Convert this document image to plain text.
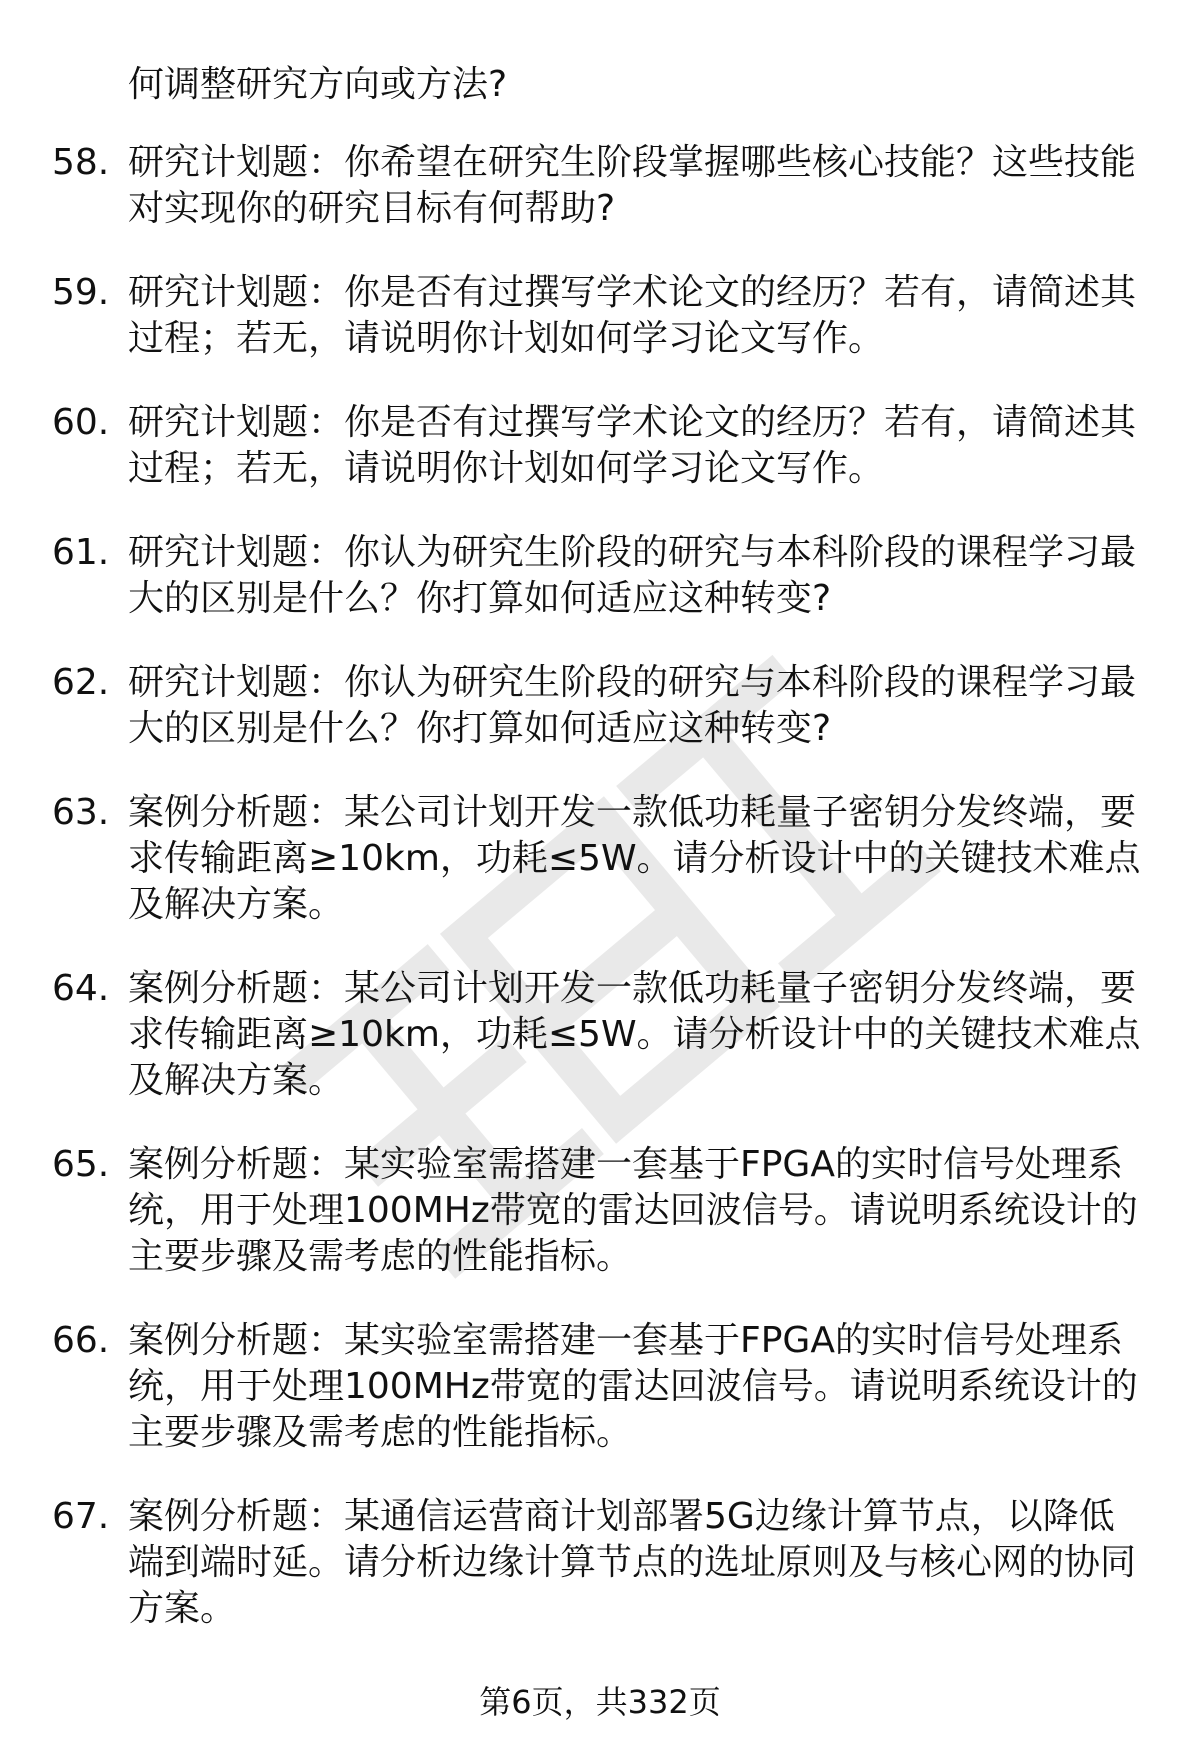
何调整研究方向或方法?
58. 研究计划题：你希望在研究生阶段掌握哪些核心技能？这些技能对实现你的研究目标有何帮助?
59. 研究计划题：你是否有过撰写学术论文的经历？若有，请简述其过程；若无，请说明你计划如何学习论文写作。
60. 研究计划题：你是否有过撰写学术论文的经历？若有，请简述其过程；若无，请说明你计划如何学习论文写作。
61. 研究计划题：你认为研究生阶段的研究与本科阶段的课程学习最大的区别是什么？你打算如何适应这种转变?
62. 研究计划题：你认为研究生阶段的研究与本科阶段的课程学习最大的区别是什么？你打算如何适应这种转变?
63. 案例分析题：某公司计划开发一款低功耗量子密钥分发终端，要求传输距离≥10km，功耗≤5W。请分析设计中的关键技术难点及解决方案。
64. 案例分析题：某公司计划开发一款低功耗量子密钥分发终端，要求传输距离≥10km，功耗≤5W。请分析设计中的关键技术难点及解决方案。
65. 案例分析题：某实验室需搭建一套基于FPGA的实时信号处理系统，用于处理100MHz带宽的雷达回波信号。请说明系统设计的主要步骤及需考虑的性能指标。
66. 案例分析题：某实验室需搭建一套基于FPGA的实时信号处理系统，用于处理100MHz带宽的雷达回波信号。请说明系统设计的主要步骤及需考虑的性能指标。
67. 案例分析题：某通信运营商计划部署5G边缘计算节点，以降低端到端时延。请分析边缘计算节点的选址原则及与核心网的协同方案。
第6页，共332页
